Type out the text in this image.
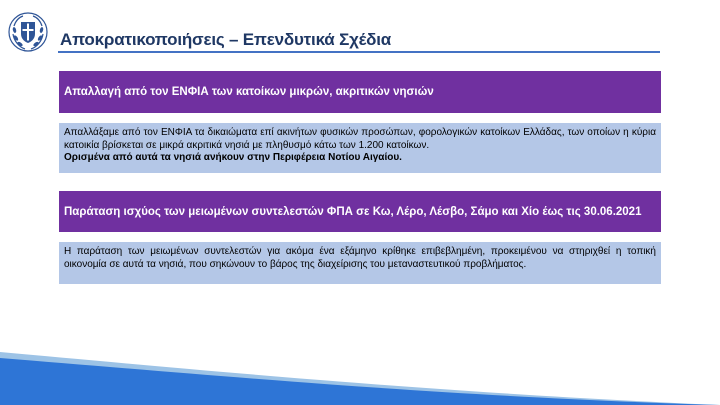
Αποκρατικοποιήσεις – Επενδυτικά Σχέδια
Απαλλαγή από τον ΕΝΦΙΑ των κατοίκων μικρών, ακριτικών νησιών

Απαλλάξαμε από τον ΕΝΦΙΑ τα δικαιώματα επί ακινήτων φυσικών προσώπων, φορολογικών κατοίκων Ελλάδας, των οποίων η κύρια κατοικία βρίσκεται σε μικρά ακριτικά νησιά με πληθυσμό κάτω των 1.200 κατοίκων.

Ορισμένα από αυτά τα νησιά ανήκουν στην Περιφέρεια Νοτίου Αιγαίου.

Παράταση ισχύος των μειωμένων συντελεστών ΦΠΑ σε Κω, Λέρο, Λέσβο, Σάμο και Χίο έως τις 30.06.2021

Η παράταση των μειωμένων συντελεστών για ακόμα ένα εξάμηνο κρίθηκε επιβεβλημένη, προκειμένου να στηριχθεί η τοπική οικονομία σε αυτά τα νησιά, που σηκώνουν το βάρος της διαχείρισης του μεταναστευτικού προβλήματος.
